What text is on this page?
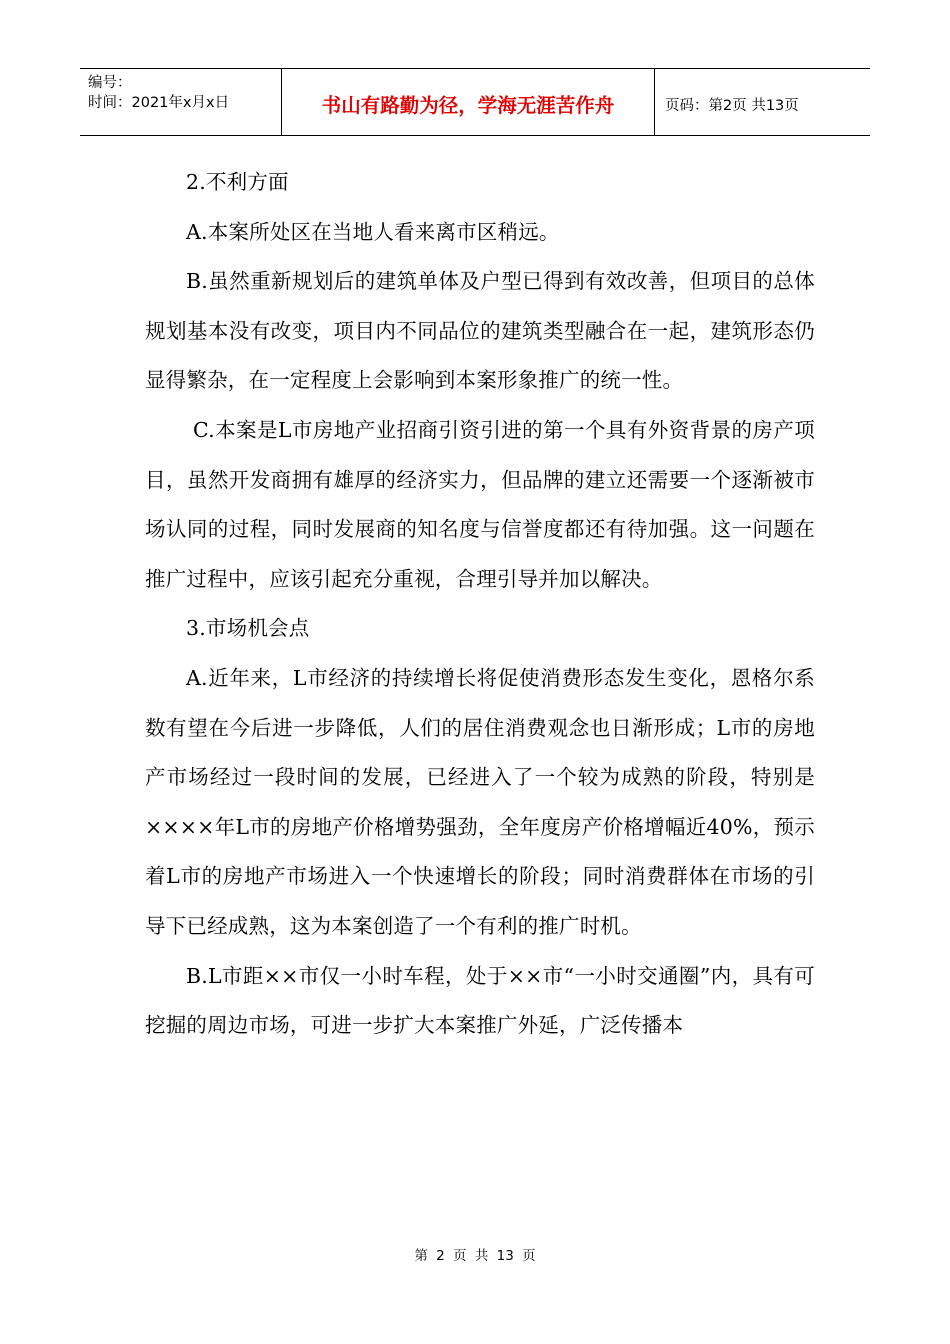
编号：
时间：2021年x月x日	书山有路勤为径，学海无涯苦作舟	页码：第2页 共13页

2.不利方面

A.本案所处区在当地人看来离市区稍远。

B.虽然重新规划后的建筑单体及户型已得到有效改善，但项目的总体规划基本没有改变，项目内不同品位的建筑类型融合在一起，建筑形态仍显得繁杂，在一定程度上会影响到本案形象推广的统一性。

C.本案是L市房地产业招商引资引进的第一个具有外资背景的房产项目，虽然开发商拥有雄厚的经济实力，但品牌的建立还需要一个逐渐被市场认同的过程，同时发展商的知名度与信誉度都还有待加强。这一问题在推广过程中，应该引起充分重视，合理引导并加以解决。

3.市场机会点

A.近年来，L市经济的持续增长将促使消费形态发生变化，恩格尔系数有望在今后进一步降低，人们的居住消费观念也日渐形成；L市的房地产市场经过一段时间的发展，已经进入了一个较为成熟的阶段，特别是××××年L市的房地产价格增势强劲，全年度房产价格增幅近40%，预示着L市的房地产市场进入一个快速增长的阶段；同时消费群体在市场的引导下已经成熟，这为本案创造了一个有利的推广时机。

B.L市距××市仅一小时车程，处于××市“一小时交通圈”内，具有可挖掘的周边市场，可进一步扩大本案推广外延，广泛传播本

第 2 页 共 13 页
